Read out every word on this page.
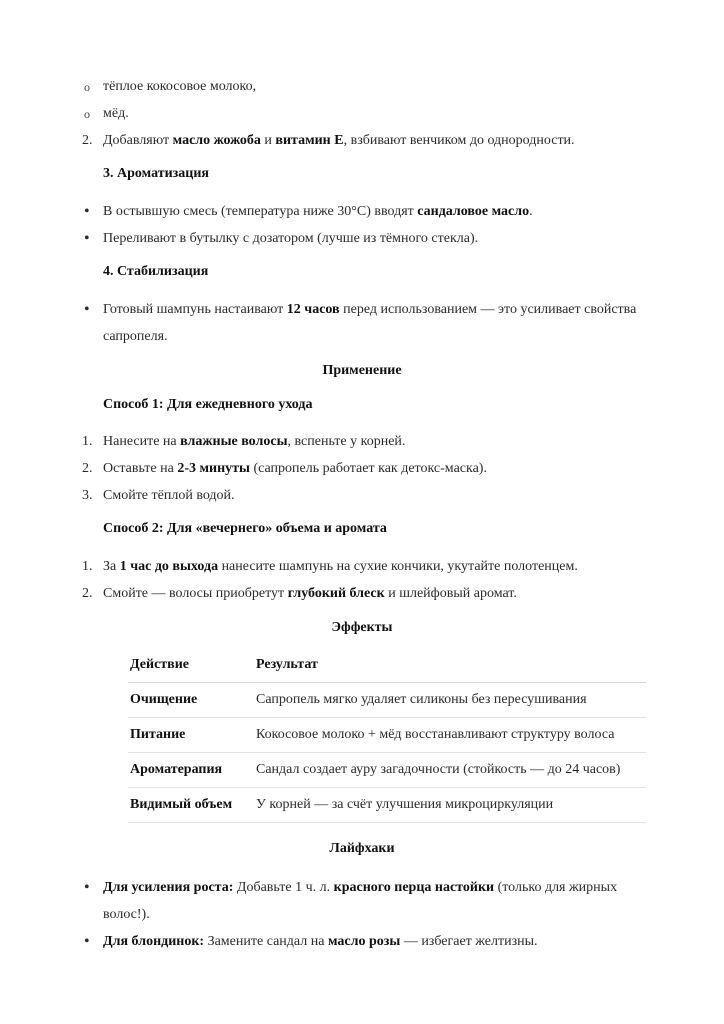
o тёплое кокосовое молоко,
o мёд.
2. Добавляют масло жожоба и витамин Е, взбивают венчиком до однородности.
3. Ароматизация
• В остывшую смесь (температура ниже 30°C) вводят сандаловое масло.
• Переливают в бутылку с дозатором (лучше из тёмного стекла).
4. Стабилизация
• Готовый шампунь настаивают 12 часов перед использованием — это усиливает свойства
сапропеля.
Применение
Способ 1: Для ежедневного ухода
1. Нанесите на влажные волосы, вспеньте у корней.
2. Оставьте на 2-3 минуты (сапропель работает как детокс-маска).
3. Смойте тёплой водой.
Способ 2: Для «вечернего» объема и аромата
1. За 1 час до выхода нанесите шампунь на сухие кончики, укутайте полотенцем.
2. Смойте — волосы приобретут глубокий блеск и шлейфовый аромат.
Эффекты
Действие	Результат
Очищение	Сапропель мягко удаляет силиконы без пересушивания
Питание	Кокосовое молоко + мёд восстанавливают структуру волоса
Ароматерапия	Сандал создает ауру загадочности (стойкость — до 24 часов)
Видимый объем	У корней — за счёт улучшения микроциркуляции
Лайфхаки
• Для усиления роста: Добавьте 1 ч. л. красного перца настойки (только для жирных
волос!).
• Для блондинок: Замените сандал на масло розы — избегает желтизны.
